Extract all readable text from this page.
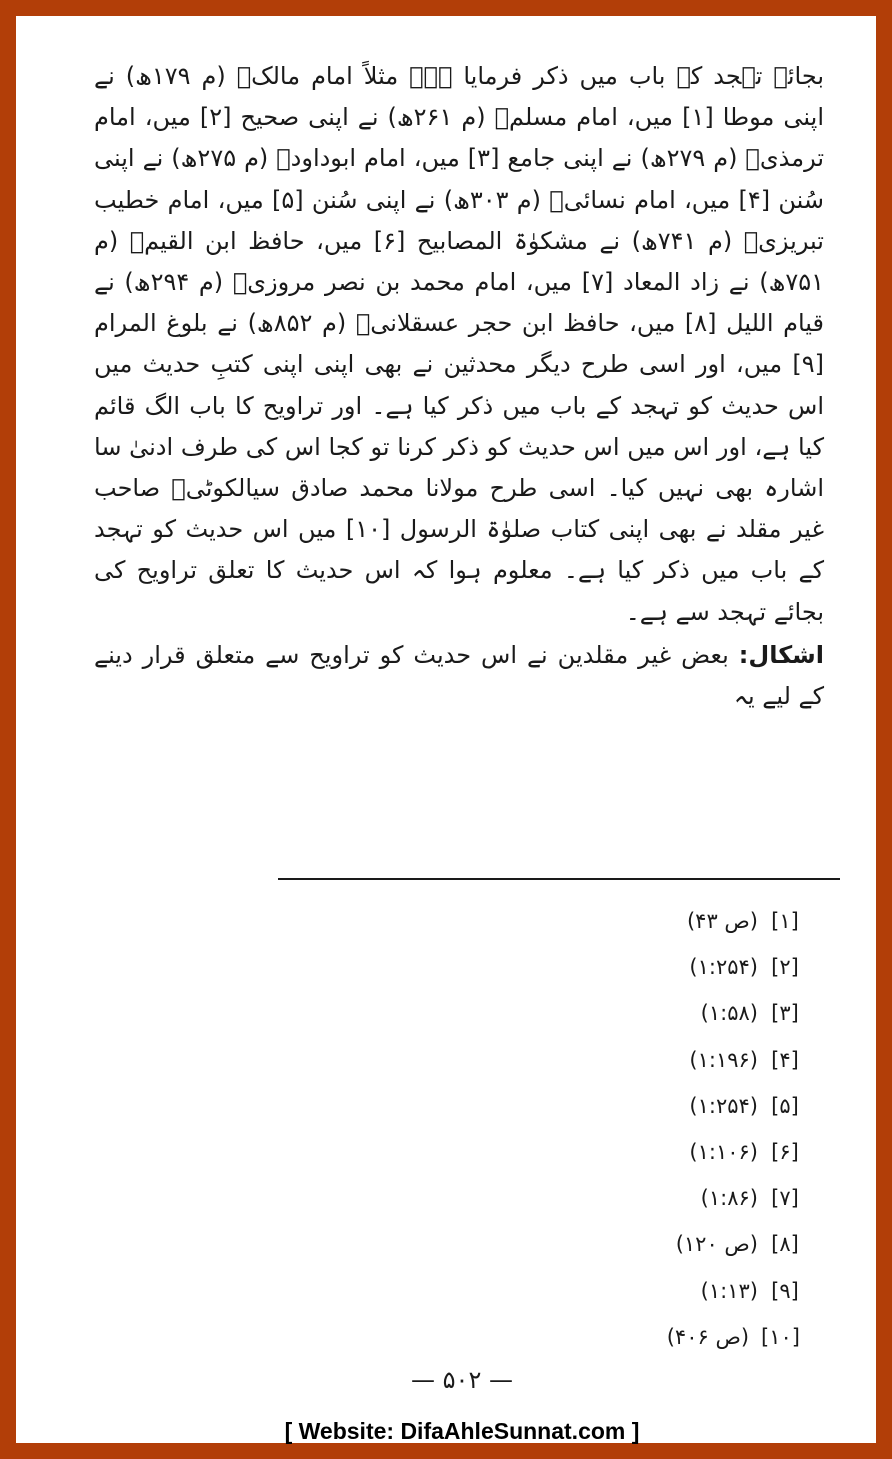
بجائے تہجد کے باب میں ذکر فرمایا ہے۔ مثلاً امام مالکؒ (م ۱۷۹ھ) نے اپنی موطا [۱] میں، امام مسلمؒ (م ۲۶۱ھ) نے اپنی صحیح [۲] میں، امام ترمذیؒ (م ۲۷۹ھ) نے اپنی جامع [۳] میں، امام ابوداودؒ (م ۲۷۵ھ) نے اپنی سُنن [۴] میں، امام نسائیؒ (م ۳۰۳ھ) نے اپنی سُنن [۵] میں، امام خطیب تبریزیؒ (م ۷۴۱ھ) نے مشکوٰۃ المصابیح [۶] میں، حافظ ابن القیمؒ (م ۷۵۱ھ) نے زاد المعاد [۷] میں، امام محمد بن نصر مروزیؒ (م ۲۹۴ھ) نے قیام اللیل [۸] میں، حافظ ابن حجر عسقلانیؒ (م ۸۵۲ھ) نے بلوغ المرام [۹] میں، اور اسی طرح دیگر محدثین نے بھی اپنی اپنی کتبِ حدیث میں اس حدیث کو تہجد کے باب میں ذکر کیا ہے۔ اور تراویح کا باب الگ قائم کیا ہے، اور اس میں اس حدیث کو ذکر کرنا تو کجا اس کی طرف ادنیٰ سا اشارہ بھی نہیں کیا۔ اسی طرح مولانا محمد صادق سیالکوٹیؒ صاحب غیر مقلد نے بھی اپنی کتاب صلوٰۃ الرسول [۱۰] میں اس حدیث کو تہجد کے باب میں ذکر کیا ہے۔ معلوم ہوا کہ اس حدیث کا تعلق تراویح کی بجائے تہجد سے ہے۔

اشکال: بعض غیر مقلدین نے اس حدیث کو تراویح سے متعلق قرار دینے کے لیے یہ

[۱](ص ۴۳)
[۲](۱:۲۵۴)
[۳](۱:۵۸)
[۴](۱:۱۹۶)
[۵](۱:۲۵۴)
[۶](۱:۱۰۶)
[۷](۱:۸۶)
[۸](ص ۱۲۰)
[۹](۱:۱۳)
[۱۰](ص ۴۰۶)
— ۵۰۲ —
[ Website: DifaAhleSunnat.com ]
